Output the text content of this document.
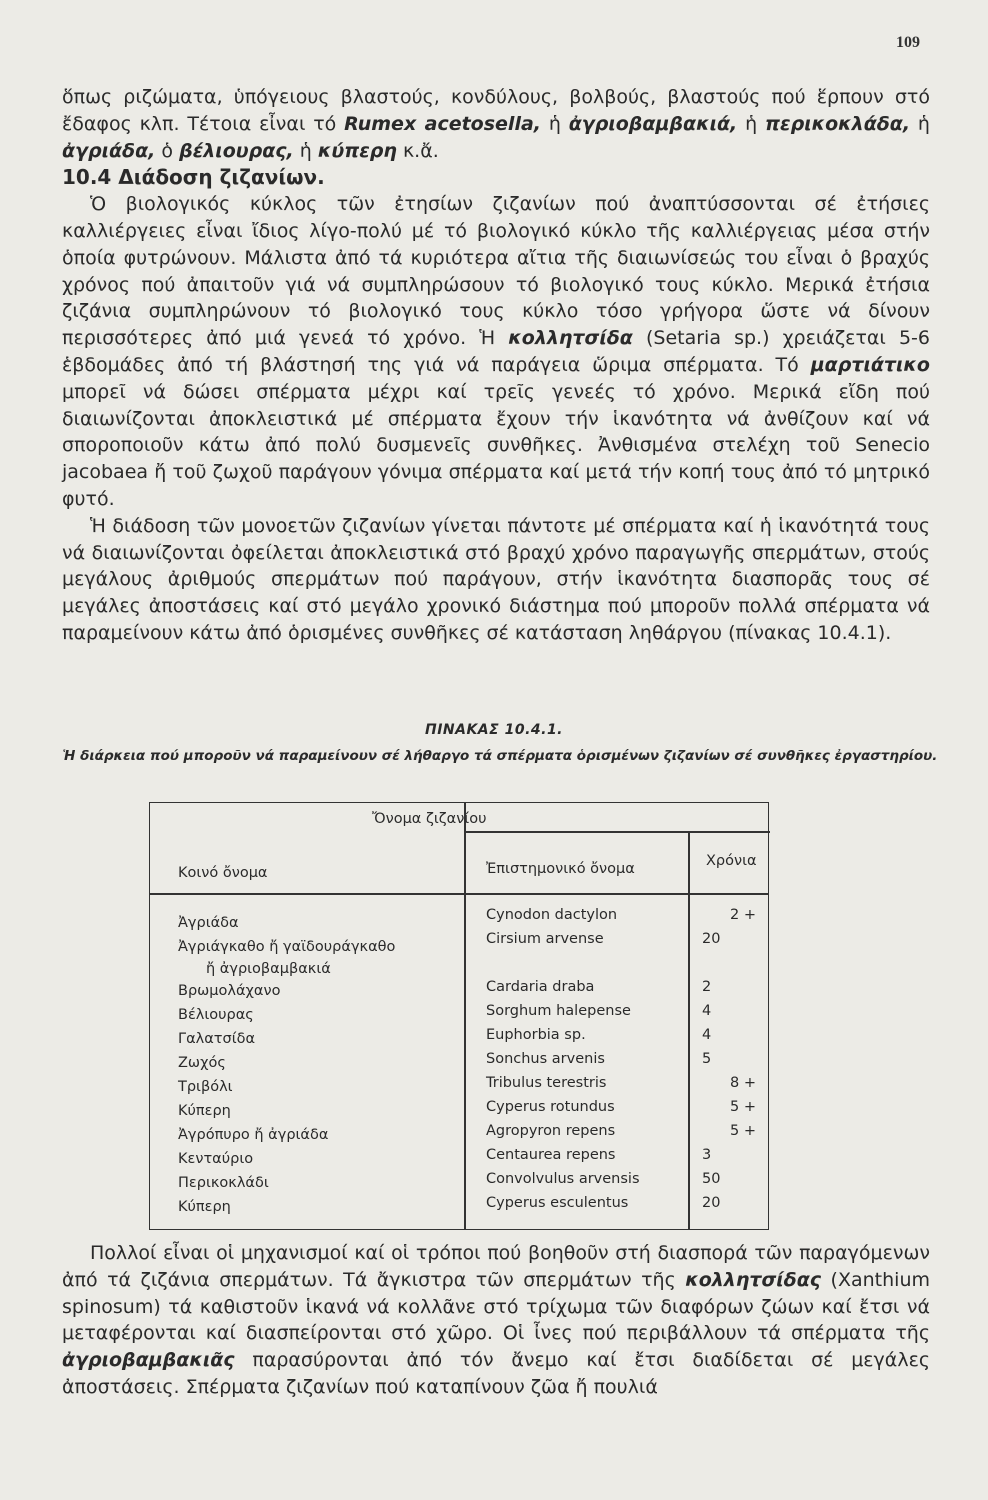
109

ὅπως ριζώματα, ὑπόγειους βλαστούς, κονδύλους, βολβούς, βλαστούς πού ἕρπουν στό ἔδαφος κλπ. Τέτοια εἶναι τό Rumex acetosella, ἡ ἀγριοβαμβακιά, ἡ περικοκλάδα, ἡ ἀγριάδα, ὁ βέλιουρας, ἡ κύπερη κ.ἄ.

10.4 Διάδοση ζιζανίων.

Ὁ βιολογικός κύκλος τῶν ἐτησίων ζιζανίων πού ἀναπτύσσονται σέ ἐτήσιες καλλιέργειες εἶναι ἴδιος λίγο-πολύ μέ τό βιολογικό κύκλο τῆς καλλιέργειας μέσα στήν ὁποία φυτρώνουν. Μάλιστα ἀπό τά κυριότερα αἴτια τῆς διαιωνίσεώς του εἶναι ὁ βραχύς χρόνος πού ἀπαιτοῦν γιά νά συμπληρώσουν τό βιολογικό τους κύκλο. Μερικά ἐτήσια ζιζάνια συμπληρώνουν τό βιολογικό τους κύκλο τόσο γρήγορα ὥστε νά δίνουν περισσότερες ἀπό μιά γενεά τό χρόνο. Ἡ κολλητσίδα (Setaria sp.) χρειάζεται 5-6 ἑβδομάδες ἀπό τή βλάστησή της γιά νά παράγεια ὥριμα σπέρματα. Τό μαρτιάτικο μπορεῖ νά δώσει σπέρματα μέχρι καί τρεῖς γενεές τό χρόνο. Μερικά εἴδη πού διαιωνίζονται ἀποκλειστικά μέ σπέρματα ἔχουν τήν ἱκανότητα νά ἀνθίζουν καί νά σποροποιοῦν κάτω ἀπό πολύ δυσμενεῖς συνθῆκες. Ἀνθισμένα στελέχη τοῦ Senecio jacobaea ἤ τοῦ ζωχοῦ παράγουν γόνιμα σπέρματα καί μετά τήν κοπή τους ἀπό τό μητρικό φυτό.

Ἡ διάδοση τῶν μονοετῶν ζιζανίων γίνεται πάντοτε μέ σπέρματα καί ἡ ἱκανότητά τους νά διαιωνίζονται ὀφείλεται ἀποκλειστικά στό βραχύ χρόνο παραγωγῆς σπερμάτων, στούς μεγάλους ἀριθμούς σπερμάτων πού παράγουν, στήν ἱκανότητα διασπορᾶς τους σέ μεγάλες ἀποστάσεις καί στό μεγάλο χρονικό διάστημα πού μποροῦν πολλά σπέρματα νά παραμείνουν κάτω ἀπό ὁρισμένες συνθῆκες σέ κατάσταση ληθάργου (πίνακας 10.4.1).

ΠΙΝΑΚΑΣ 10.4.1.
Ἡ διάρκεια πού μποροῦν νά παραμείνουν σέ λήθαργο τά σπέρματα ὁρισμένων ζιζανίων σέ συνθῆκες ἐργαστηρίου.
Ὄνομα ζιζανίου
Κοινό ὄνομα	Ἐπιστημονικό ὄνομα	Χρόνια
Ἀγριάδα
Ἀγριάγκαθο ἤ γαϊδουράγκαθο
ἤ ἀγριοβαμβακιά
Βρωμολάχανο
Βέλιουρας
Γαλατσίδα
Ζωχός
Τριβόλι
Κύπερη
Ἀγρόπυρο ἤ ἀγριάδα
Κενταύριο
Περικοκλάδι
Κύπερη
Cynodon dactylon
Cirsium arvense
Cardaria draba
Sorghum halepense
Euphorbia sp.
Sonchus arvenis
Tribulus terestris
Cyperus rotundus
Agropyron repens
Centaurea repens
Convolvulus arvensis
Cyperus esculentus
2 +
20
2
4
4
5
8 +
5 +
5 +
3
50
20

Πολλοί εἶναι οἱ μηχανισμοί καί οἱ τρόποι πού βοηθοῦν στή διασπορά τῶν παραγόμενων ἀπό τά ζιζάνια σπερμάτων. Τά ἄγκιστρα τῶν σπερμάτων τῆς κολλητσίδας (Xanthium spinosum) τά καθιστοῦν ἱκανά νά κολλᾶνε στό τρίχωμα τῶν διαφόρων ζώων καί ἔτσι νά μεταφέρονται καί διασπείρονται στό χῶρο. Οἱ ἶνες πού περιβάλλουν τά σπέρματα τῆς ἀγριοβαμβακιᾶς παρασύρονται ἀπό τόν ἄνεμο καί ἔτσι διαδίδεται σέ μεγάλες ἀποστάσεις. Σπέρματα ζιζανίων πού καταπίνουν ζῶα ἤ πουλιά
